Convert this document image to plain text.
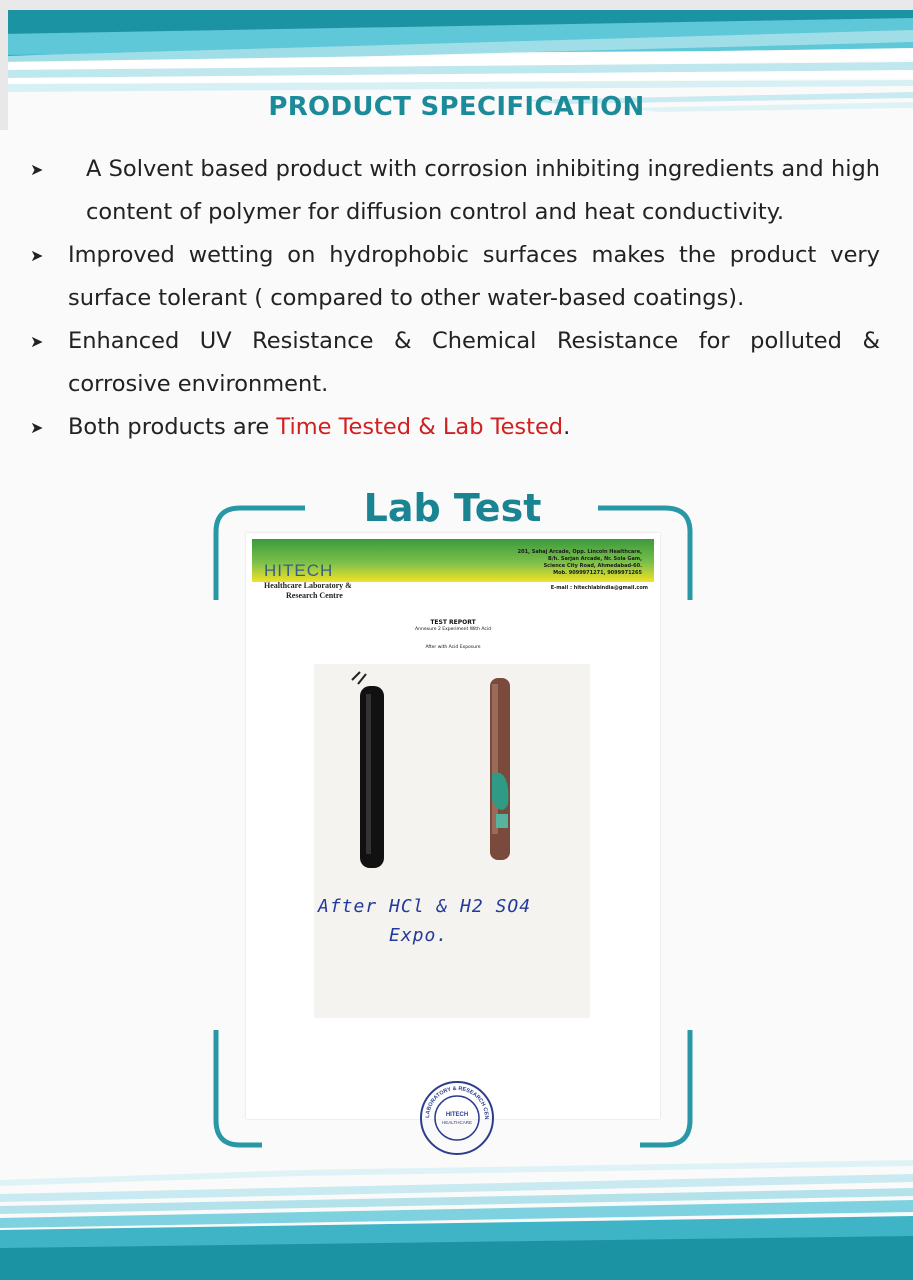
PRODUCT SPECIFICATION
➤ A Solvent based product with corrosion inhibiting ingredients and high content of polymer for diffusion control and heat conductivity.
➤ Improved wetting on hydrophobic surfaces makes the product very surface tolerant ( compared to other water-based coatings).
➤ Enhanced UV Resistance & Chemical Resistance for polluted & corrosive environment.
➤ Both products are Time Tested & Lab Tested.
Lab Test
201, Sahaj Arcade, Opp. Lincoln Healthcare,
B/h. Sarjan Arcade, Nr. Sola Gam,
Science City Road, Ahmedabad-60.
Mob. 9099971271, 9099971265
E-mail : hitechlabindia@gmail.com
HITECH
Healthcare Laboratory &
Research Centre
TEST REPORT
Annexure 2 Experiment With Acid
After with Acid Exposure
After HCl & H2 SO4
Expo.
HITECH
HEALTHCARE
LABORATORY & RESEARCH CEN
